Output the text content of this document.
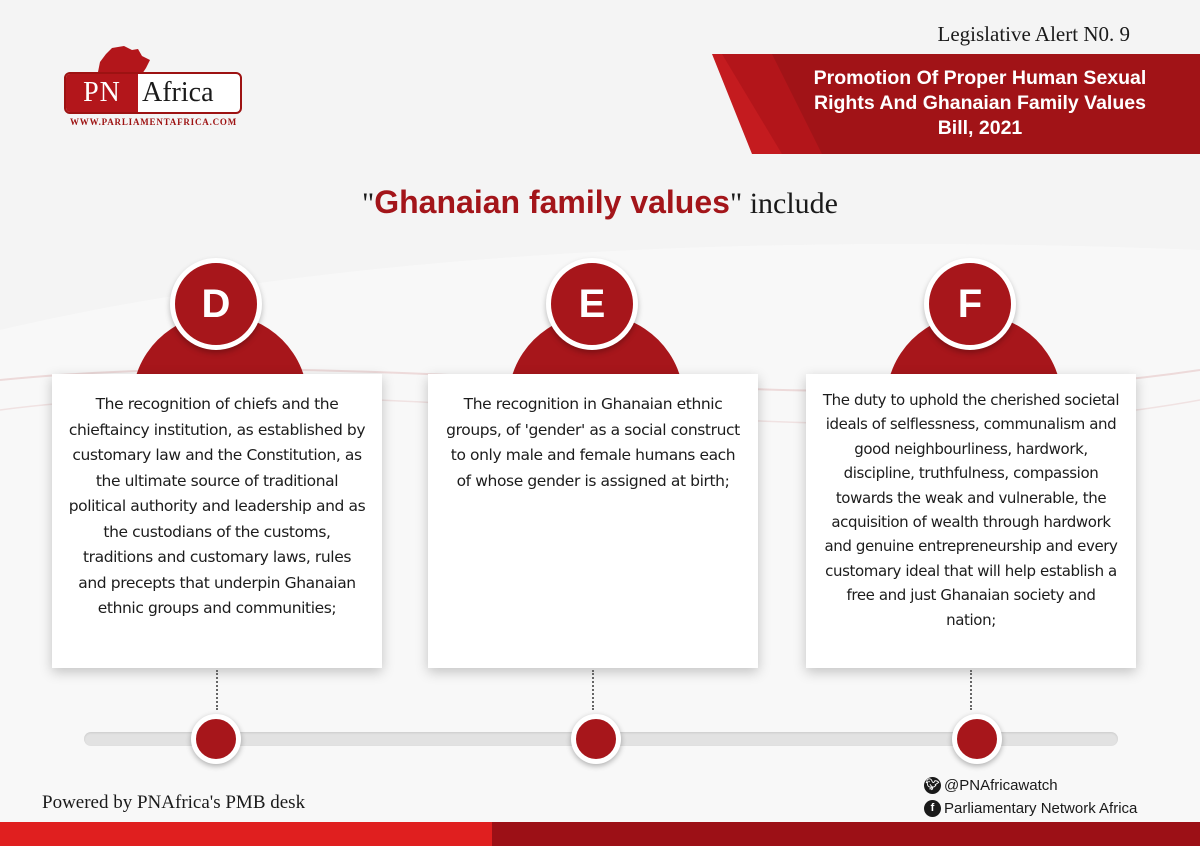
PN Africa
WWW.PARLIAMENTAFRICA.COM
Legislative Alert N0. 9
Promotion Of Proper Human Sexual Rights And Ghanaian Family Values Bill, 2021
"Ghanaian family values" include
D
The recognition of chiefs and the chieftaincy institution, as established by customary law and the Constitution, as the ultimate source of traditional political authority and leadership and as the custodians of the customs, traditions and customary laws, rules and precepts that underpin Ghanaian ethnic groups and communities;
E
The recognition in Ghanaian ethnic groups, of 'gender' as a social construct to only male and female humans each of whose gender is assigned at birth;
F
The duty to uphold the cherished societal ideals of selflessness, communalism and good neighbourliness, hardwork, discipline, truthfulness, compassion towards the weak and vulnerable, the acquisition of wealth through hardwork and genuine entrepreneurship and every customary ideal that will help establish a free and just Ghanaian society and nation;
Powered by PNAfrica's PMB desk
🐦︎ @PNAfricawatch
f Parliamentary Network Africa
